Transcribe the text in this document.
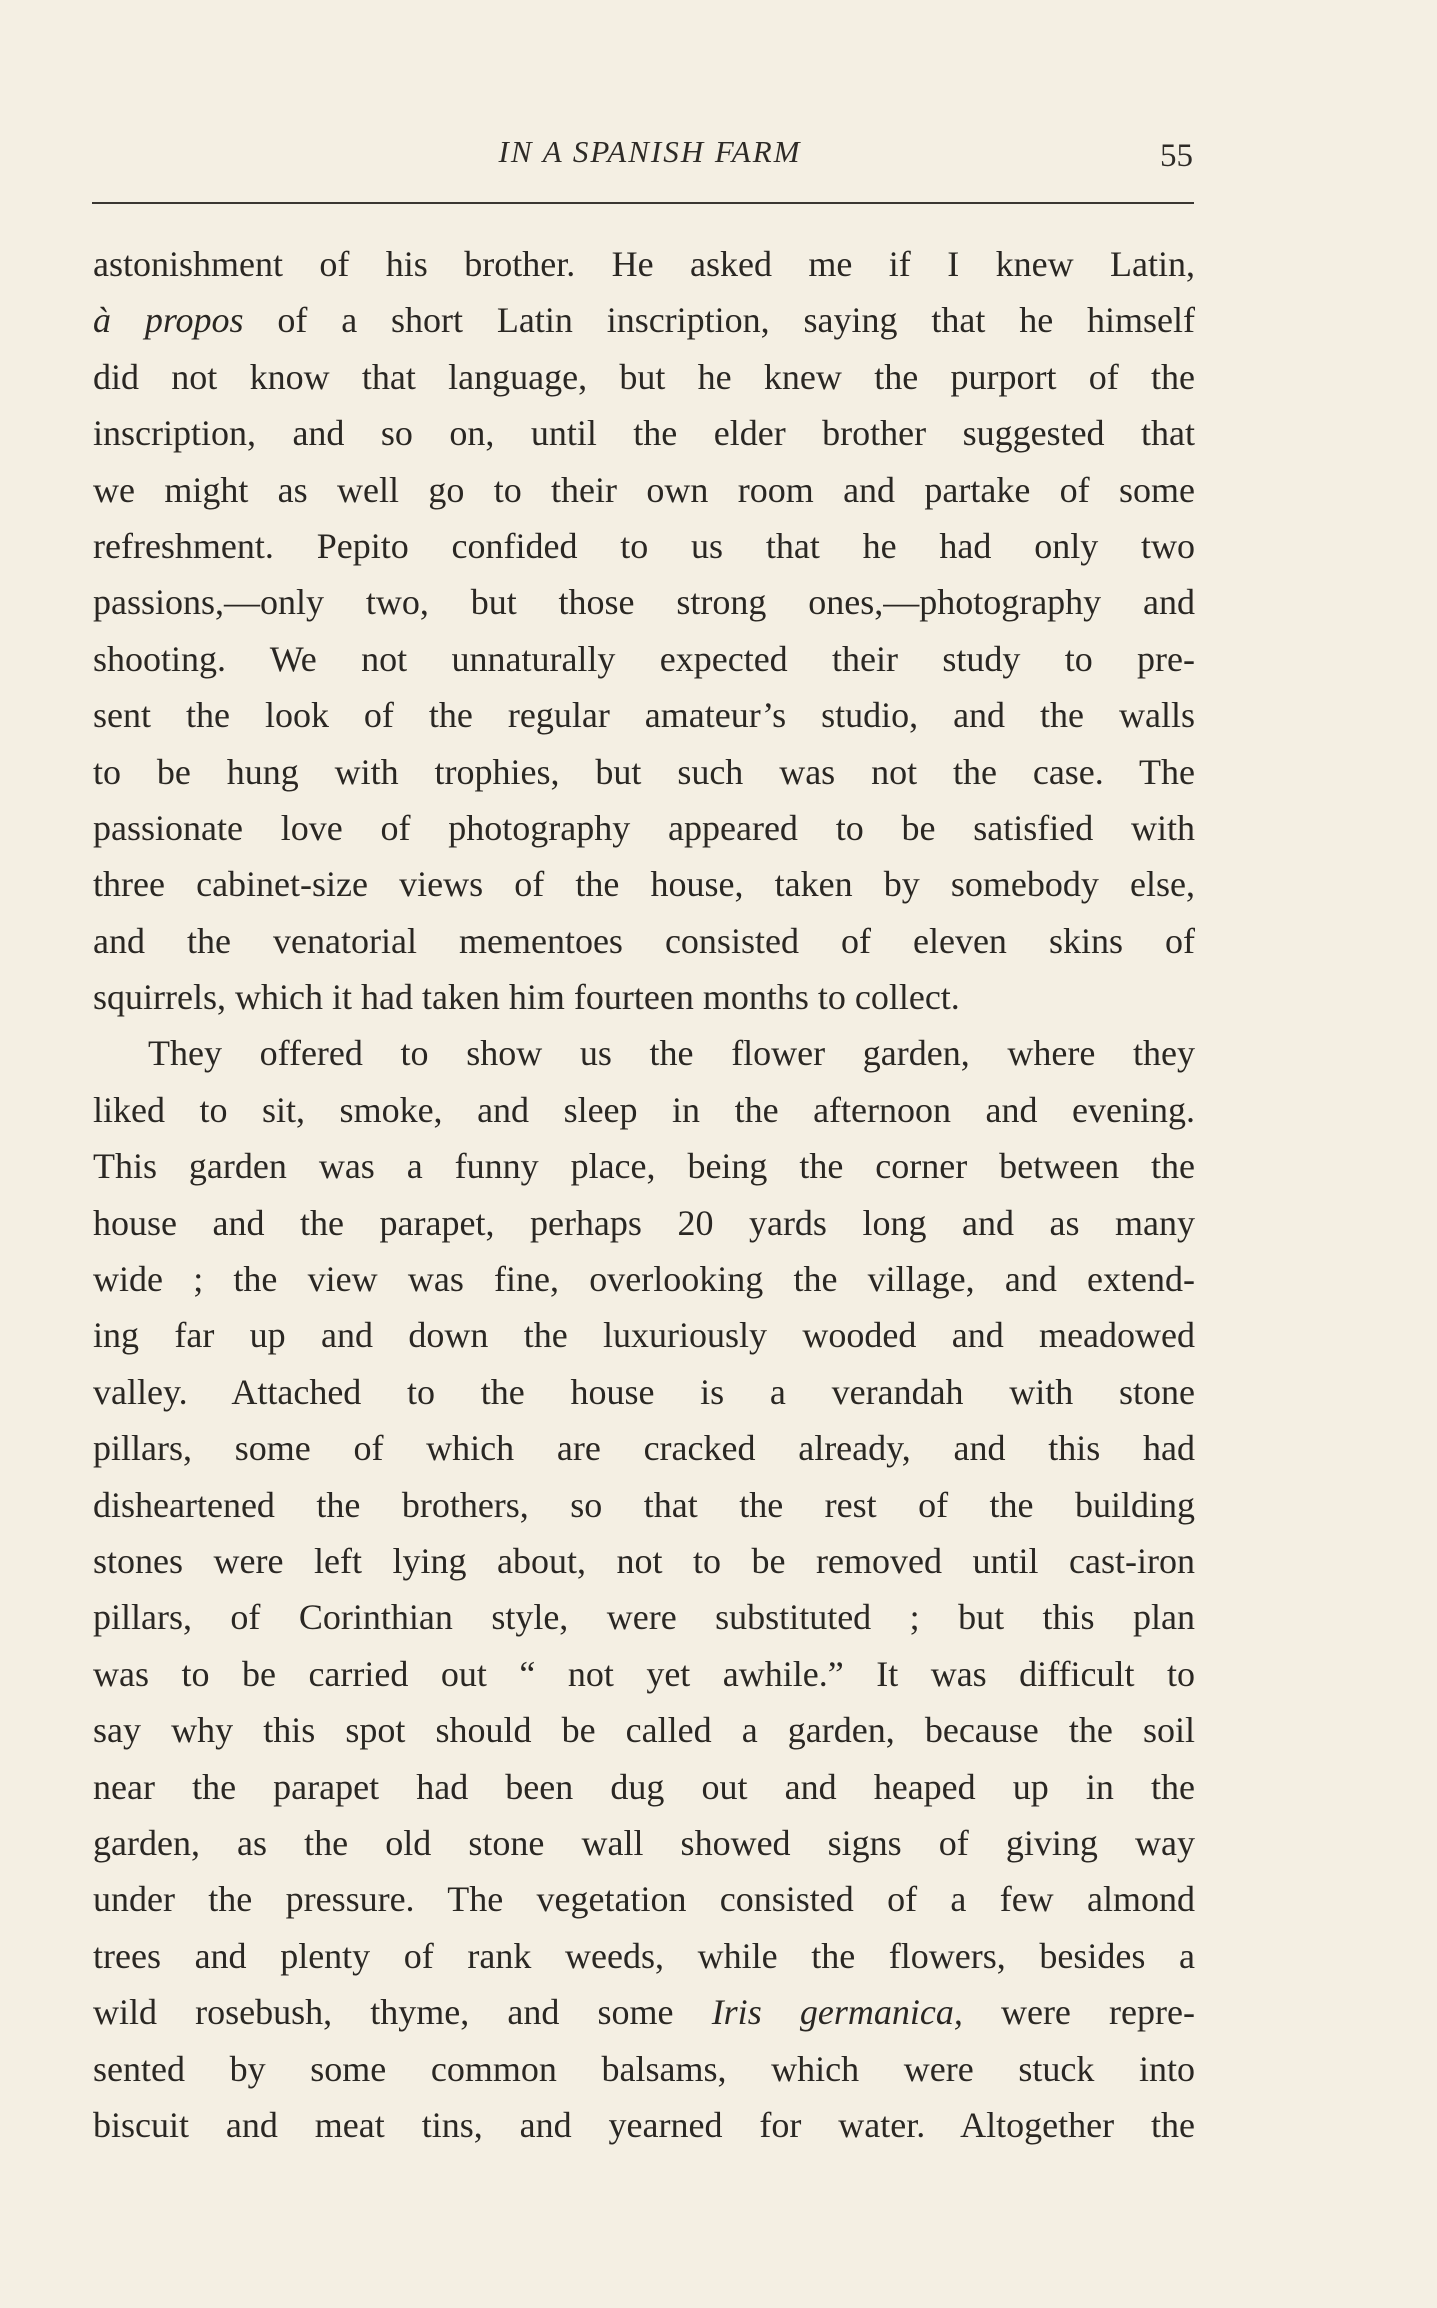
IN A SPANISH FARM	55
astonishment of his brother. He asked me if I knew Latin,
à propos of a short Latin inscription, saying that he himself
did not know that language, but he knew the purport of the
inscription, and so on, until the elder brother suggested that
we might as well go to their own room and partake of some
refreshment. Pepito confided to us that he had only two
passions,—only two, but those strong ones,—photography and
shooting. We not unnaturally expected their study to pre-
sent the look of the regular amateur’s studio, and the walls
to be hung with trophies, but such was not the case. The
passionate love of photography appeared to be satisfied with
three cabinet-size views of the house, taken by somebody else,
and the venatorial mementoes consisted of eleven skins of
squirrels, which it had taken him fourteen months to collect.
They offered to show us the flower garden, where they
liked to sit, smoke, and sleep in the afternoon and evening.
This garden was a funny place, being the corner between the
house and the parapet, perhaps 20 yards long and as many
wide ; the view was fine, overlooking the village, and extend-
ing far up and down the luxuriously wooded and meadowed
valley. Attached to the house is a verandah with stone
pillars, some of which are cracked already, and this had
disheartened the brothers, so that the rest of the building
stones were left lying about, not to be removed until cast-iron
pillars, of Corinthian style, were substituted ; but this plan
was to be carried out “ not yet awhile.” It was difficult to
say why this spot should be called a garden, because the soil
near the parapet had been dug out and heaped up in the
garden, as the old stone wall showed signs of giving way
under the pressure. The vegetation consisted of a few almond
trees and plenty of rank weeds, while the flowers, besides a
wild rosebush, thyme, and some Iris germanica, were repre-
sented by some common balsams, which were stuck into
biscuit and meat tins, and yearned for water. Altogether the
